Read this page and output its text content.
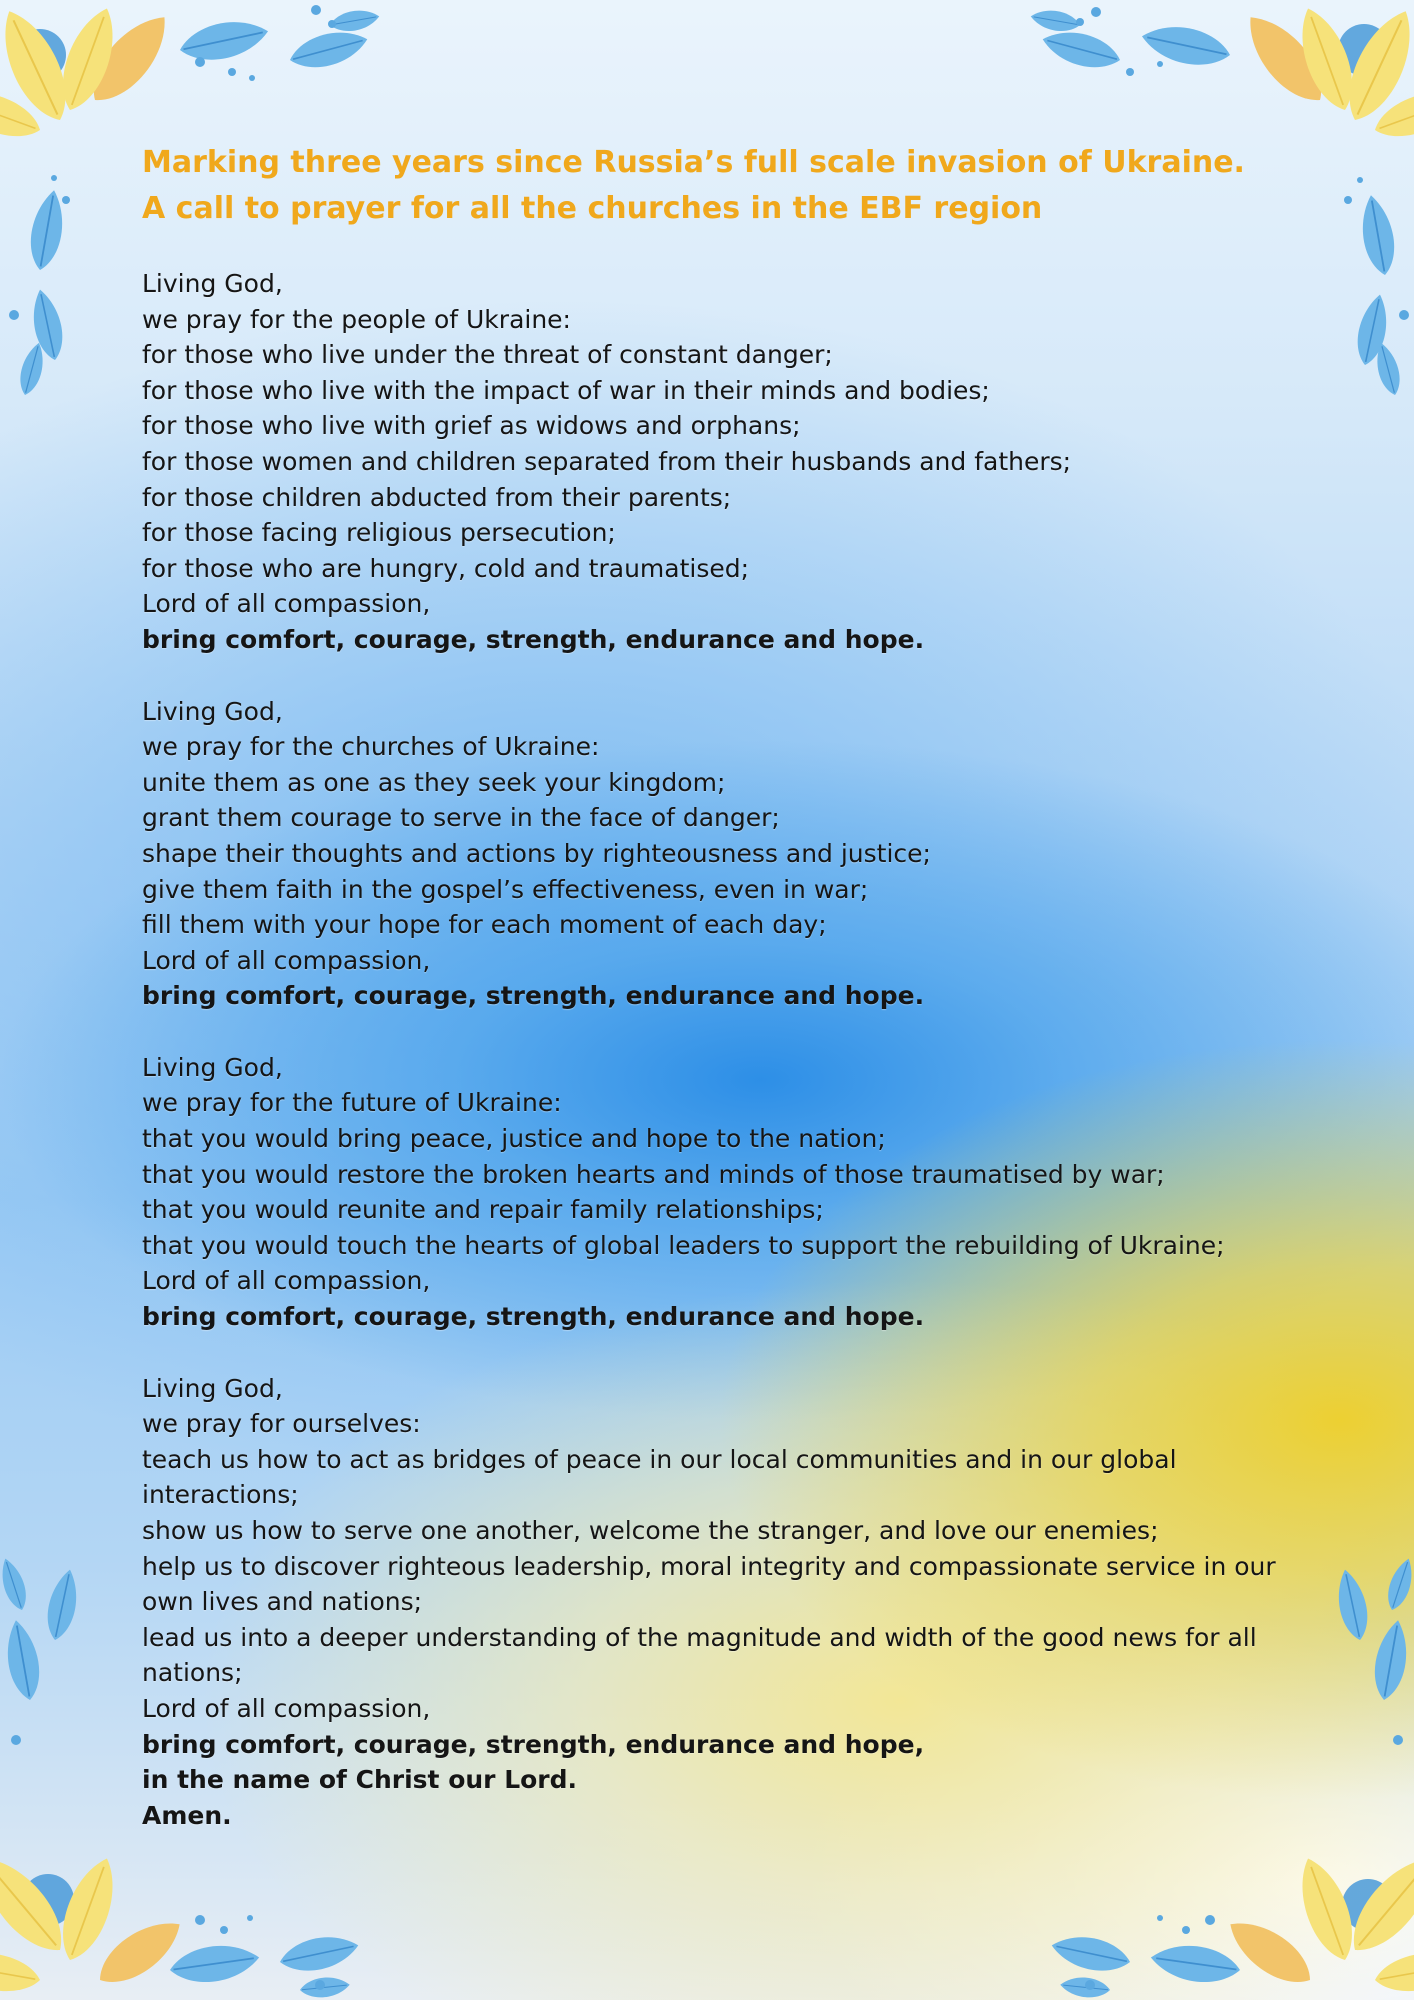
Marking three years since Russia’s full scale invasion of Ukraine.
A call to prayer for all the churches in the EBF region
Living God,
we pray for the people of Ukraine:
for those who live under the threat of constant danger;
for those who live with the impact of war in their minds and bodies;
for those who live with grief as widows and orphans;
for those women and children separated from their husbands and fathers;
for those children abducted from their parents;
for those facing religious persecution;
for those who are hungry, cold and traumatised;
Lord of all compassion,
bring comfort, courage, strength, endurance and hope.
Living God,
we pray for the churches of Ukraine:
unite them as one as they seek your kingdom;
grant them courage to serve in the face of danger;
shape their thoughts and actions by righteousness and justice;
give them faith in the gospel’s effectiveness, even in war;
fill them with your hope for each moment of each day;
Lord of all compassion,
bring comfort, courage, strength, endurance and hope.
Living God,
we pray for the future of Ukraine:
that you would bring peace, justice and hope to the nation;
that you would restore the broken hearts and minds of those traumatised by war;
that you would reunite and repair family relationships;
that you would touch the hearts of global leaders to support the rebuilding of Ukraine;
Lord of all compassion,
bring comfort, courage, strength, endurance and hope.
Living God,
we pray for ourselves:
teach us how to act as bridges of peace in our local communities and in our global
interactions;
show us how to serve one another, welcome the stranger, and love our enemies;
help us to discover righteous leadership, moral integrity and compassionate service in our
own lives and nations;
lead us into a deeper understanding of the magnitude and width of the good news for all
nations;
Lord of all compassion,
bring comfort, courage, strength, endurance and hope,
in the name of Christ our Lord.
Amen.
